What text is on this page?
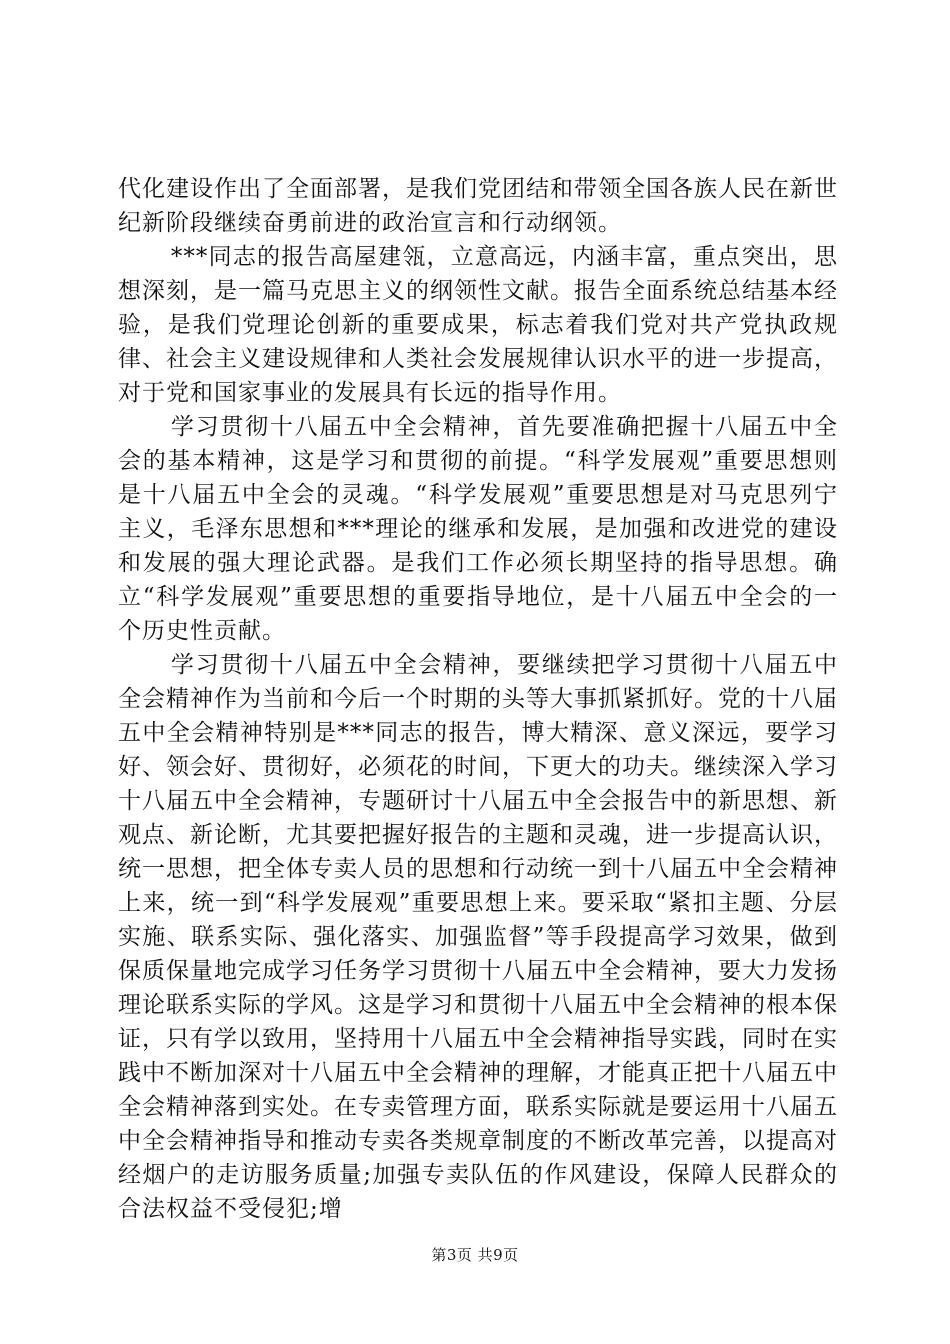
代化建设作出了全面部署，是我们党团结和带领全国各族人民在新世纪新阶段继续奋勇前进的政治宣言和行动纲领。

***同志的报告高屋建瓴，立意高远，内涵丰富，重点突出，思想深刻，是一篇马克思主义的纲领性文献。报告全面系统总结基本经验，是我们党理论创新的重要成果，标志着我们党对共产党执政规律、社会主义建设规律和人类社会发展规律认识水平的进一步提高，对于党和国家事业的发展具有长远的指导作用。

学习贯彻十八届五中全会精神，首先要准确把握十八届五中全会的基本精神，这是学习和贯彻的前提。“科学发展观”重要思想则是十八届五中全会的灵魂。“科学发展观”重要思想是对马克思列宁主义，毛泽东思想和***理论的继承和发展，是加强和改进党的建设和发展的强大理论武器。是我们工作必须长期坚持的指导思想。确立“科学发展观”重要思想的重要指导地位，是十八届五中全会的一个历史性贡献。

学习贯彻十八届五中全会精神，要继续把学习贯彻十八届五中全会精神作为当前和今后一个时期的头等大事抓紧抓好。党的十八届五中全会精神特别是***同志的报告，博大精深、意义深远，要学习好、领会好、贯彻好，必须花的时间，下更大的功夫。继续深入学习十八届五中全会精神，专题研讨十八届五中全会报告中的新思想、新观点、新论断，尤其要把握好报告的主题和灵魂，进一步提高认识，统一思想，把全体专卖人员的思想和行动统一到十八届五中全会精神上来，统一到“科学发展观”重要思想上来。要采取“紧扣主题、分层实施、联系实际、强化落实、加强监督”等手段提高学习效果，做到保质保量地完成学习任务学习贯彻十八届五中全会精神，要大力发扬理论联系实际的学风。这是学习和贯彻十八届五中全会精神的根本保证，只有学以致用，坚持用十八届五中全会精神指导实践，同时在实践中不断加深对十八届五中全会精神的理解，才能真正把十八届五中全会精神落到实处。在专卖管理方面，联系实际就是要运用十八届五中全会精神指导和推动专卖各类规章制度的不断改革完善，以提高对经烟户的走访服务质量;加强专卖队伍的作风建设，保障人民群众的合法权益不受侵犯;增

第3页 共9页
